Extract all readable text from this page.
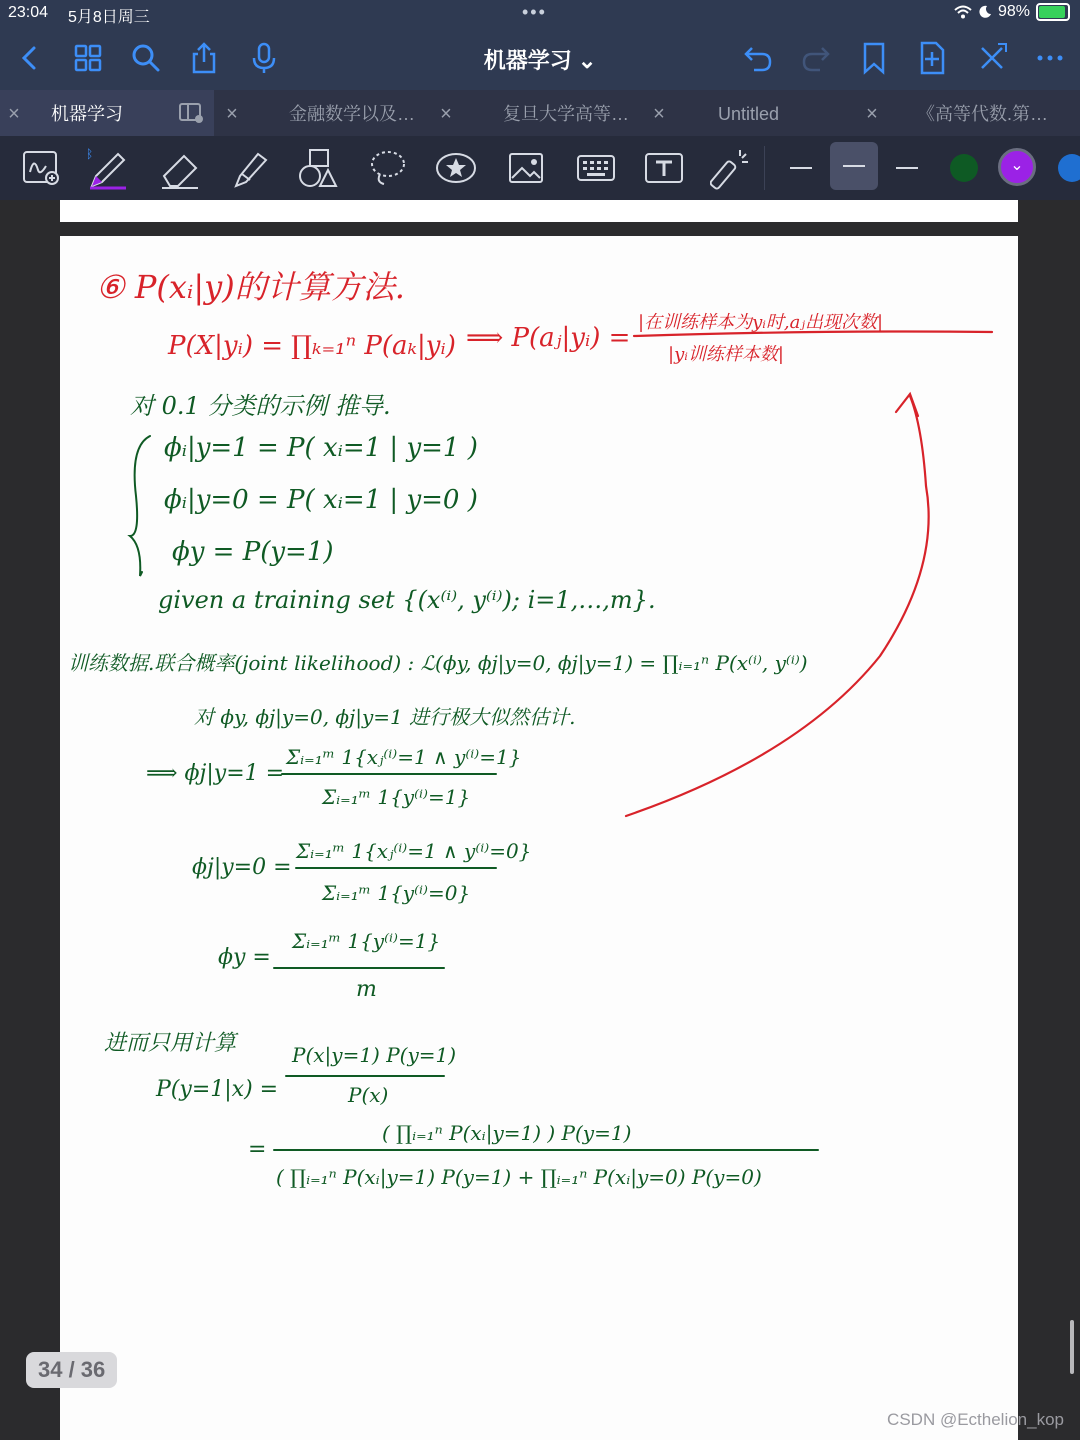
23:04 5月8日周三	•••	98%
机器学习 ⌄
× 机器学习	×	金融数学以及…	×	复旦大学高等…	×	Untitled	× 《高等代数.第…
ᛒ
⌄
⑥ P(xᵢ|y)的计算方法.
P(X|yᵢ) = ∏ₖ₌₁ⁿ P(aₖ|yᵢ) ⟹ P(aⱼ|yᵢ) =
|在训练样本为yᵢ时,aⱼ出现次数|
|yᵢ训练样本数|
对 0.1 分类的示例 推导.
ϕᵢ|y=1 = P( xᵢ=1 | y=1 )
ϕᵢ|y=0 = P( xᵢ=1 | y=0 )
ϕy = P(y=1)
given a training set {(x⁽ⁱ⁾, y⁽ⁱ⁾); i=1,…,m}.
训练数据.联合概率(joint likelihood) : ℒ(ϕy, ϕj|y=0, ϕj|y=1) = ∏ᵢ₌₁ⁿ P(x⁽ⁱ⁾, y⁽ⁱ⁾)
对 ϕy, ϕj|y=0, ϕj|y=1 进行极大似然估计.
⟹ ϕj|y=1 =
Σᵢ₌₁ᵐ 1{xⱼ⁽ⁱ⁾=1 ∧ y⁽ⁱ⁾=1}
Σᵢ₌₁ᵐ 1{y⁽ⁱ⁾=1}
ϕj|y=0 =
Σᵢ₌₁ᵐ 1{xⱼ⁽ⁱ⁾=1 ∧ y⁽ⁱ⁾=0}
Σᵢ₌₁ᵐ 1{y⁽ⁱ⁾=0}
ϕy =
Σᵢ₌₁ᵐ 1{y⁽ⁱ⁾=1}
m
进而只用计算
P(y=1|x) =
P(x|y=1) P(y=1)
P(x)
=
( ∏ᵢ₌₁ⁿ P(xᵢ|y=1) ) P(y=1)
( ∏ᵢ₌₁ⁿ P(xᵢ|y=1) P(y=1) + ∏ᵢ₌₁ⁿ P(xᵢ|y=0) P(y=0)
34 / 36
CSDN @Ecthelion_kop
